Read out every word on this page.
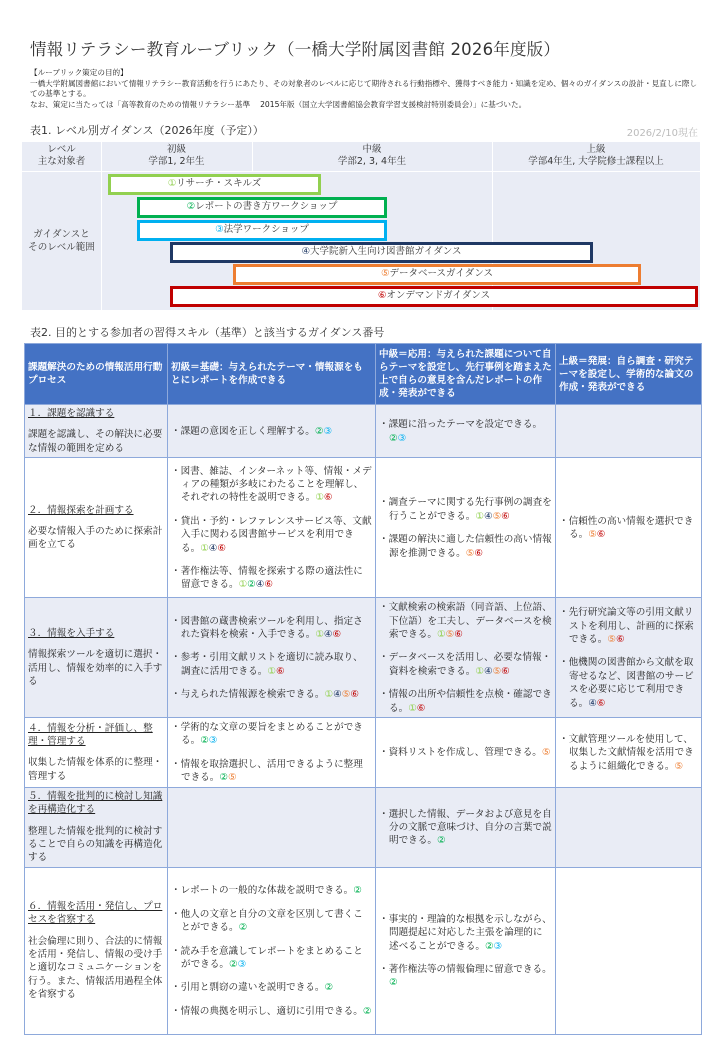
情報リテラシー教育ルーブリック（一橋大学附属図書館 2026年度版）
【ルーブリック策定の目的】
一橋大学附属図書館において情報リテラシー教育活動を行うにあたり、その対象者のレベルに応じて期待される行動指標や、獲得すべき能力・知識を定め、個々のガイダンスの設計・見直しに際しての基準とする。
なお、策定に当たっては「高等教育のための情報リテラシー基準　 2015年版（国立大学図書館協会教育学習支援検討特別委員会）」に基づいた。
表1. レベル別ガイダンス（2026年度（予定））	2026/2/10現在
レベル
主な対象者
初級
学部1, 2年生
中級
学部2, 3, 4年生
上級
学部4年生, 大学院修士課程以上
ガイダンスと
そのレベル範囲
①リサーチ・スキルズ
②レポートの書き方ワークショップ
③法学ワークショップ
④大学院新入生向け図書館ガイダンス
⑤データベースガイダンス
⑥オンデマンドガイダンス
表2. 目的とする参加者の習得スキル（基準）と該当するガイダンス番号
課題解決のための情報活用行動プロセス	初級＝基礎：与えられたテーマ・情報源をもとにレポートを作成できる	中級＝応用：与えられた課題について自らテーマを設定し、先行事例を踏まえた上で自らの意見を含んだレポートの作成・発表ができる	上級＝発展：自ら調査・研究テーマを設定し、学術的な論文の作成・発表ができる

１．課題を認識する
課題を認識し、その解決に必要な情報の範囲を定める	・課題の意図を正しく理解する。②③	・課題に沿ったテーマを設定できる。②③	

２．情報探索を計画する
必要な情報入手のために探索計画を立てる	・図書、雑誌、インターネット等、情報・メディアの種類が多岐にわたることを理解し、それぞれの特性を説明できる。①⑥
・貸出・予約・レファレンスサービス等、文献入手に関わる図書館サービスを利用できる。①④⑥
・著作権法等、情報を探索する際の適法性に留意できる。①②④⑥	・調査テーマに関する先行事例の調査を行うことができる。①④⑤⑥
・課題の解決に適した信頼性の高い情報源を推測できる。⑤⑥	・信頼性の高い情報を選択できる。⑤⑥

３．情報を入手する
情報探索ツールを適切に選択・活用し、情報を効率的に入手する	・図書館の蔵書検索ツールを利用し、指定された資料を検索・入手できる。①④⑥
・参考・引用文献リストを適切に読み取り、調査に活用できる。①⑥
・与えられた情報源を検索できる。①④⑤⑥	・文献検索の検索語（同音語、上位語、下位語）を工夫し、データベースを検索できる。①⑤⑥
・データベースを活用し、必要な情報・資料を検索できる。①④⑤⑥
・情報の出所や信頼性を点検・確認できる。①⑥	・先行研究論文等の引用文献リストを利用し、計画的に探索できる。⑤⑥
・他機関の図書館から文献を取寄せるなど、図書館のサービスを必要に応じて利用できる。④⑥

４．情報を分析・評価し、整理・管理する
収集した情報を体系的に整理・管理する	・学術的な文章の要旨をまとめることができる。②③
・情報を取捨選択し、活用できるように整理できる。②⑤	・資料リストを作成し、管理できる。⑤	・文献管理ツールを使用して、収集した文献情報を活用できるように組織化できる。⑤

５．情報を批判的に検討し知識を再構造化する
整理した情報を批判的に検討することで自らの知識を再構造化する		・選択した情報、データおよび意見を自分の文脈で意味づけ、自分の言葉で説明できる。②	

６．情報を活用・発信し、プロセスを省察する
社会倫理に則り、合法的に情報を活用・発信し、情報の受け手と適切なコミュニケーションを行う。また、情報活用過程全体を省察する	・レポートの一般的な体裁を説明できる。②
・他人の文章と自分の文章を区別して書くことができる。②
・読み手を意識してレポートをまとめることができる。②③
・引用と剽窃の違いを説明できる。②
・情報の典拠を明示し、適切に引用できる。②	・事実的・理論的な根拠を示しながら、問題提起に対応した主張を論理的に述べることができる。②③
・著作権法等の情報倫理に留意できる。②	
